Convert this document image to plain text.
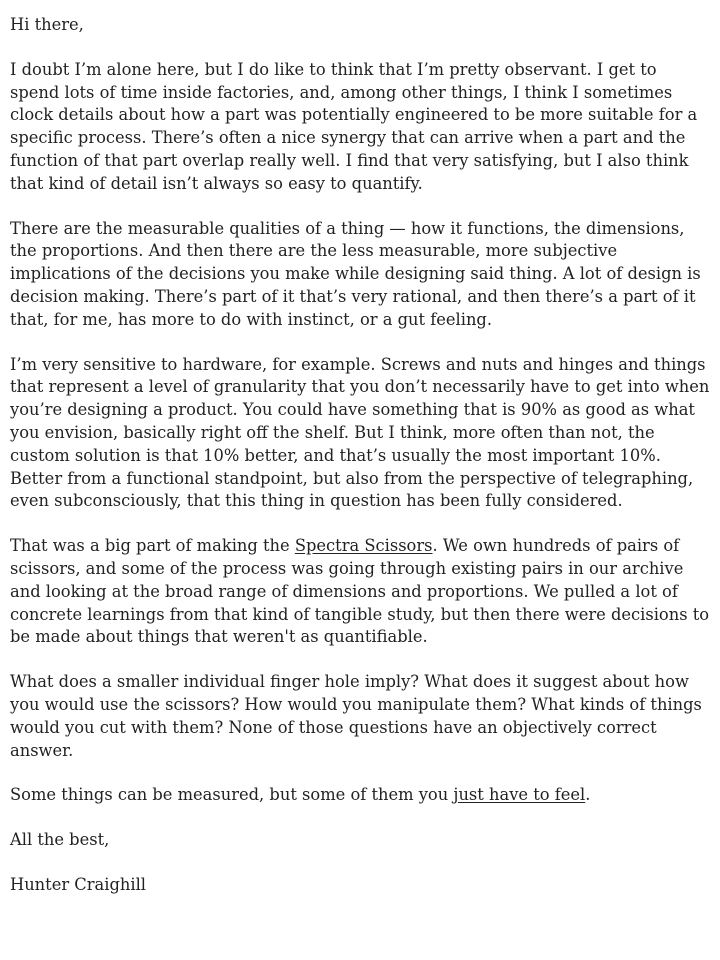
Hi there,

I doubt I’m alone here, but I do like to think that I’m pretty observant. I get to spend lots of time inside factories, and, among other things, I think I sometimes clock details about how a part was potentially engineered to be more suitable for a specific process. There’s often a nice synergy that can arrive when a part and the function of that part overlap really well. I find that very satisfying, but I also think that kind of detail isn’t always so easy to quantify.

There are the measurable qualities of a thing — how it functions, the dimensions, the proportions. And then there are the less measurable, more subjective implications of the decisions you make while designing said thing. A lot of design is decision making. There’s part of it that’s very rational, and then there’s a part of it that, for me, has more to do with instinct, or a gut feeling.

I’m very sensitive to hardware, for example. Screws and nuts and hinges and things that represent a level of granularity that you don’t necessarily have to get into when you’re designing a product. You could have something that is 90% as good as what you envision, basically right off the shelf. But I think, more often than not, the custom solution is that 10% better, and that’s usually the most important 10%. Better from a functional standpoint, but also from the perspective of telegraphing, even subconsciously, that this thing in question has been fully considered.

That was a big part of making the Spectra Scissors. We own hundreds of pairs of scissors, and some of the process was going through existing pairs in our archive and looking at the broad range of dimensions and proportions. We pulled a lot of concrete learnings from that kind of tangible study, but then there were decisions to be made about things that weren't as quantifiable.

What does a smaller individual finger hole imply? What does it suggest about how you would use the scissors? How would you manipulate them? What kinds of things would you cut with them? None of those questions have an objectively correct answer.

Some things can be measured, but some of them you just have to feel.

All the best,

Hunter Craighill
